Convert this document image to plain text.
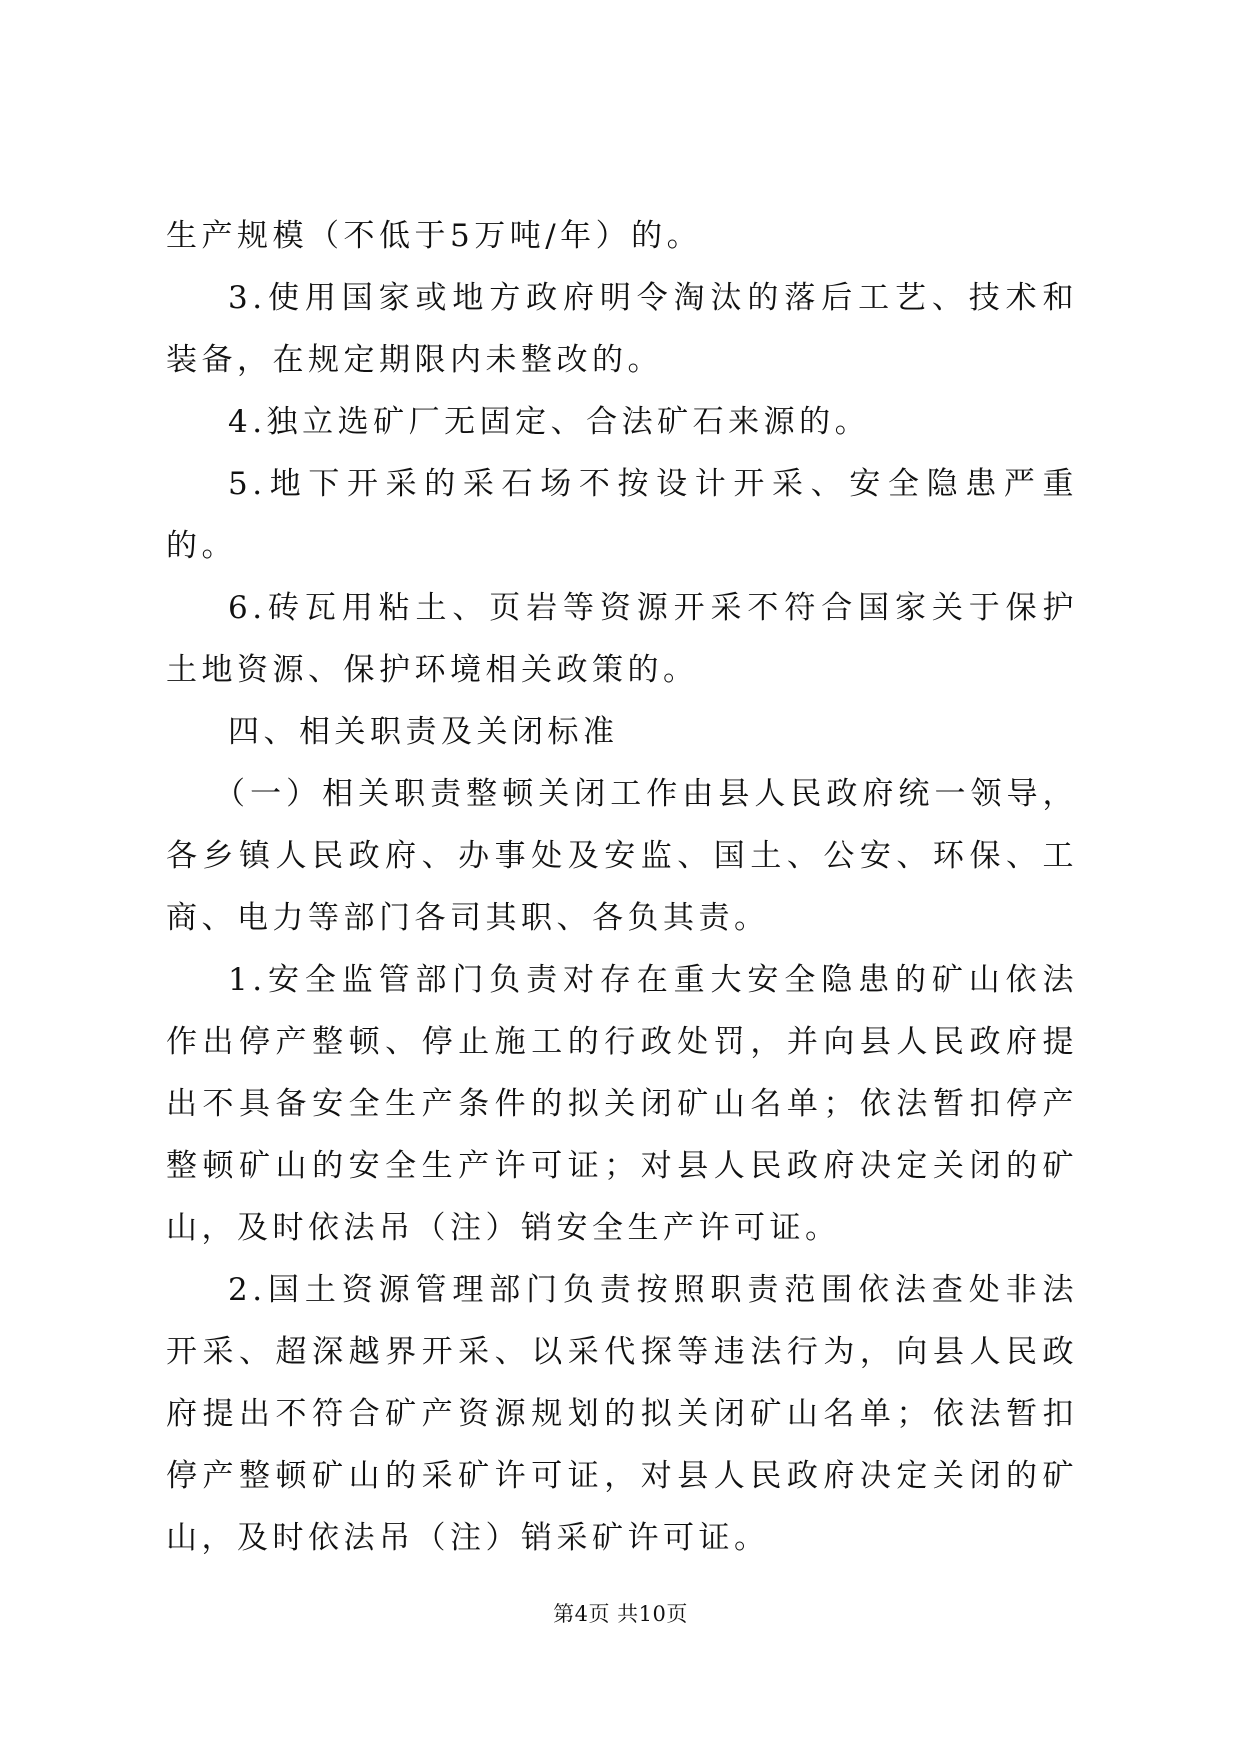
生产规模（不低于5万吨/年）的。

3.使用国家或地方政府明令淘汰的落后工艺、技术和装备，在规定期限内未整改的。

4.独立选矿厂无固定、合法矿石来源的。

5.地下开采的采石场不按设计开采、安全隐患严重的。

6.砖瓦用粘土、页岩等资源开采不符合国家关于保护土地资源、保护环境相关政策的。

四、相关职责及关闭标准

（一）相关职责整顿关闭工作由县人民政府统一领导，各乡镇人民政府、办事处及安监、国土、公安、环保、工商、电力等部门各司其职、各负其责。

1.安全监管部门负责对存在重大安全隐患的矿山依法作出停产整顿、停止施工的行政处罚，并向县人民政府提出不具备安全生产条件的拟关闭矿山名单；依法暂扣停产整顿矿山的安全生产许可证；对县人民政府决定关闭的矿山，及时依法吊（注）销安全生产许可证。

2.国土资源管理部门负责按照职责范围依法查处非法开采、超深越界开采、以采代探等违法行为，向县人民政府提出不符合矿产资源规划的拟关闭矿山名单；依法暂扣停产整顿矿山的采矿许可证，对县人民政府决定关闭的矿山，及时依法吊（注）销采矿许可证。

第4页 共10页
